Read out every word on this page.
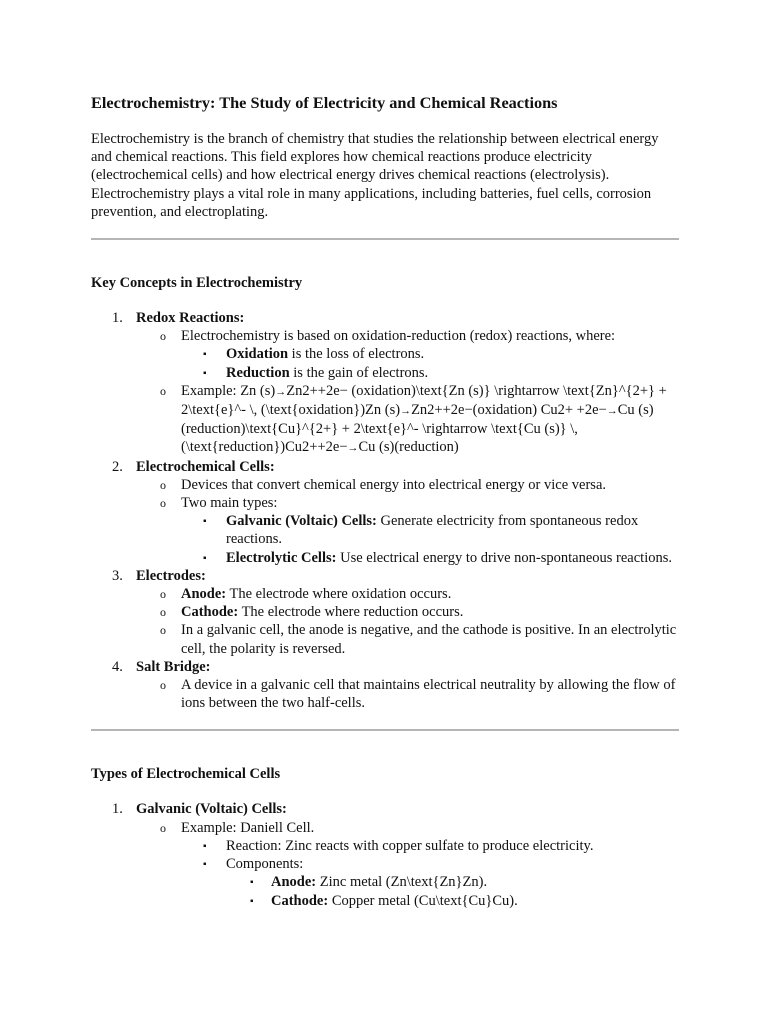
Electrochemistry: The Study of Electricity and Chemical Reactions

Electrochemistry is the branch of chemistry that studies the relationship between electrical energy and chemical reactions. This field explores how chemical reactions produce electricity (electrochemical cells) and how electrical energy drives chemical reactions (electrolysis). Electrochemistry plays a vital role in many applications, including batteries, fuel cells, corrosion prevention, and electroplating.

Key Concepts in Electrochemistry
1. Redox Reactions:
o Electrochemistry is based on oxidation-reduction (redox) reactions, where:
▪ Oxidation is the loss of electrons.
▪ Reduction is the gain of electrons.
o Example: Zn (s)→Zn2++2e− (oxidation)\text{Zn (s)} \rightarrow \text{Zn}^{2+} + 2\text{e}^- \, (\text{oxidation})Zn (s)→Zn2++2e−(oxidation) Cu2+ +2e−→Cu (s) (reduction)\text{Cu}^{2+} + 2\text{e}^- \rightarrow \text{Cu (s)} \, (\text{reduction})Cu2++2e−→Cu (s)(reduction)
2. Electrochemical Cells:
o Devices that convert chemical energy into electrical energy or vice versa.
o Two main types:
▪ Galvanic (Voltaic) Cells: Generate electricity from spontaneous redox reactions.
▪ Electrolytic Cells: Use electrical energy to drive non-spontaneous reactions.
3. Electrodes:
o Anode: The electrode where oxidation occurs.
o Cathode: The electrode where reduction occurs.
o In a galvanic cell, the anode is negative, and the cathode is positive. In an electrolytic cell, the polarity is reversed.
4. Salt Bridge:
o A device in a galvanic cell that maintains electrical neutrality by allowing the flow of ions between the two half-cells.
Types of Electrochemical Cells
1. Galvanic (Voltaic) Cells:
o Example: Daniell Cell.
▪ Reaction: Zinc reacts with copper sulfate to produce electricity.
▪ Components:
▪ Anode: Zinc metal (Zn\text{Zn}Zn).
▪ Cathode: Copper metal (Cu\text{Cu}Cu).
